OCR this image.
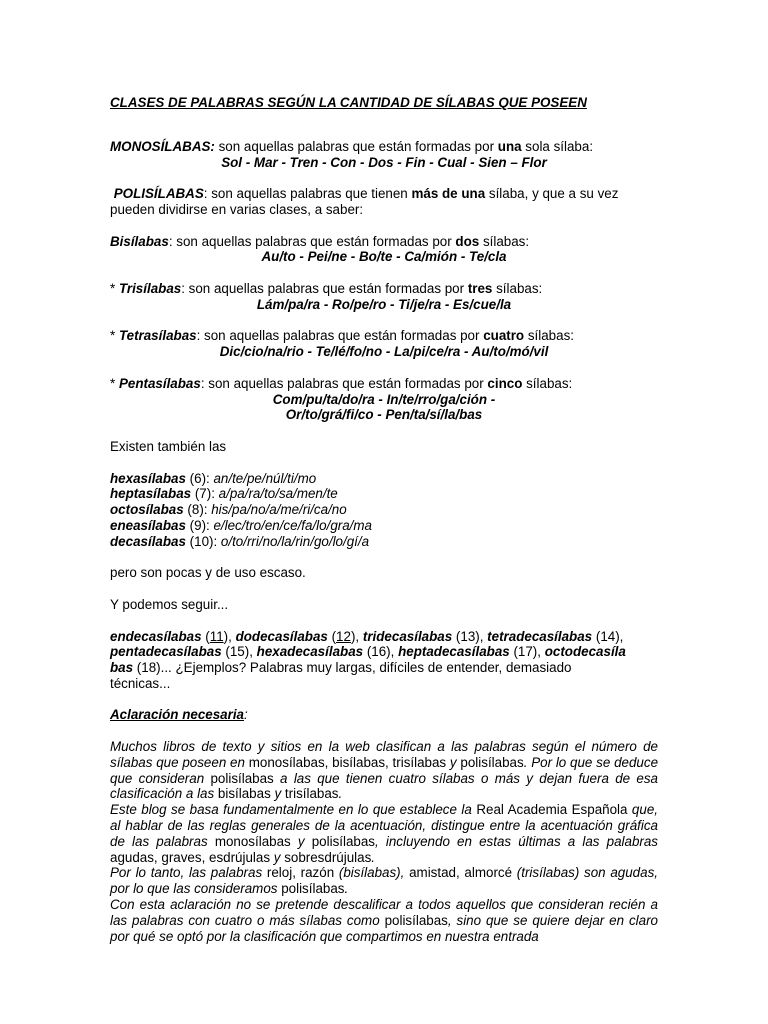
CLASES DE PALABRAS SEGÚN LA CANTIDAD DE SÍLABAS QUE POSEEN

MONOSÍLABAS: son aquellas palabras que están formadas por una sola sílaba:

Sol - Mar - Tren - Con - Dos - Fin - Cual - Sien – Flor

POLISÍLABAS: son aquellas palabras que tienen más de una sílaba, y que a su vez
pueden dividirse en varias clases, a saber:

Bisílabas: son aquellas palabras que están formadas por dos sílabas:

Au/to - Pei/ne - Bo/te - Ca/mión - Te/cla

* Trisílabas: son aquellas palabras que están formadas por tres sílabas:

Lám/pa/ra - Ro/pe/ro - Ti/je/ra - Es/cue/la

* Tetrasílabas: son aquellas palabras que están formadas por cuatro sílabas:

Dic/cio/na/rio - Te/lé/fo/no - La/pi/ce/ra - Au/to/mó/vil

* Pentasílabas: son aquellas palabras que están formadas por cinco sílabas:

Com/pu/ta/do/ra - In/te/rro/ga/ción -

Or/to/grá/fi/co - Pen/ta/sí/la/bas

Existen también las

hexasílabas (6): an/te/pe/núl/ti/mo

heptasílabas (7): a/pa/ra/to/sa/men/te

octosílabas (8): his/pa/no/a/me/ri/ca/no

eneasílabas (9): e/lec/tro/en/ce/fa/lo/gra/ma

decasílabas (10): o/to/rri/no/la/rin/go/lo/gí/a

pero son pocas y de uso escaso.

Y podemos seguir...

endecasílabas (11), dodecasílabas (12), tridecasílabas (13), tetradecasílabas (14),
pentadecasílabas (15), hexadecasílabas (16), heptadecasílabas (17), octodecasíla
bas (18)... ¿Ejemplos? Palabras muy largas, difíciles de entender, demasiado
técnicas...

Aclaración necesaria:

Muchos libros de texto y sitios en la web clasifican a las palabras según el número de sílabas que poseen en monosílabas, bisílabas, trisílabas y polisílabas. Por lo que se deduce que consideran polisílabas a las que tienen cuatro sílabas o más y dejan fuera de esa clasificación a las bisílabas y trisílabas.

Este blog se basa fundamentalmente en lo que establece la Real Academia Española que, al hablar de las reglas generales de la acentuación, distingue entre la acentuación gráfica de las palabras monosílabas y polisílabas, incluyendo en estas últimas a las palabras agudas, graves, esdrújulas y sobresdrújulas.

Por lo tanto, las palabras reloj, razón (bisílabas), amistad, almorcé (trisílabas) son agudas, por lo que las consideramos polisílabas.

Con esta aclaración no se pretende descalificar a todos aquellos que consideran recién a las palabras con cuatro o más sílabas como polisílabas, sino que se quiere dejar en claro por qué se optó por la clasificación que compartimos en nuestra entrada
